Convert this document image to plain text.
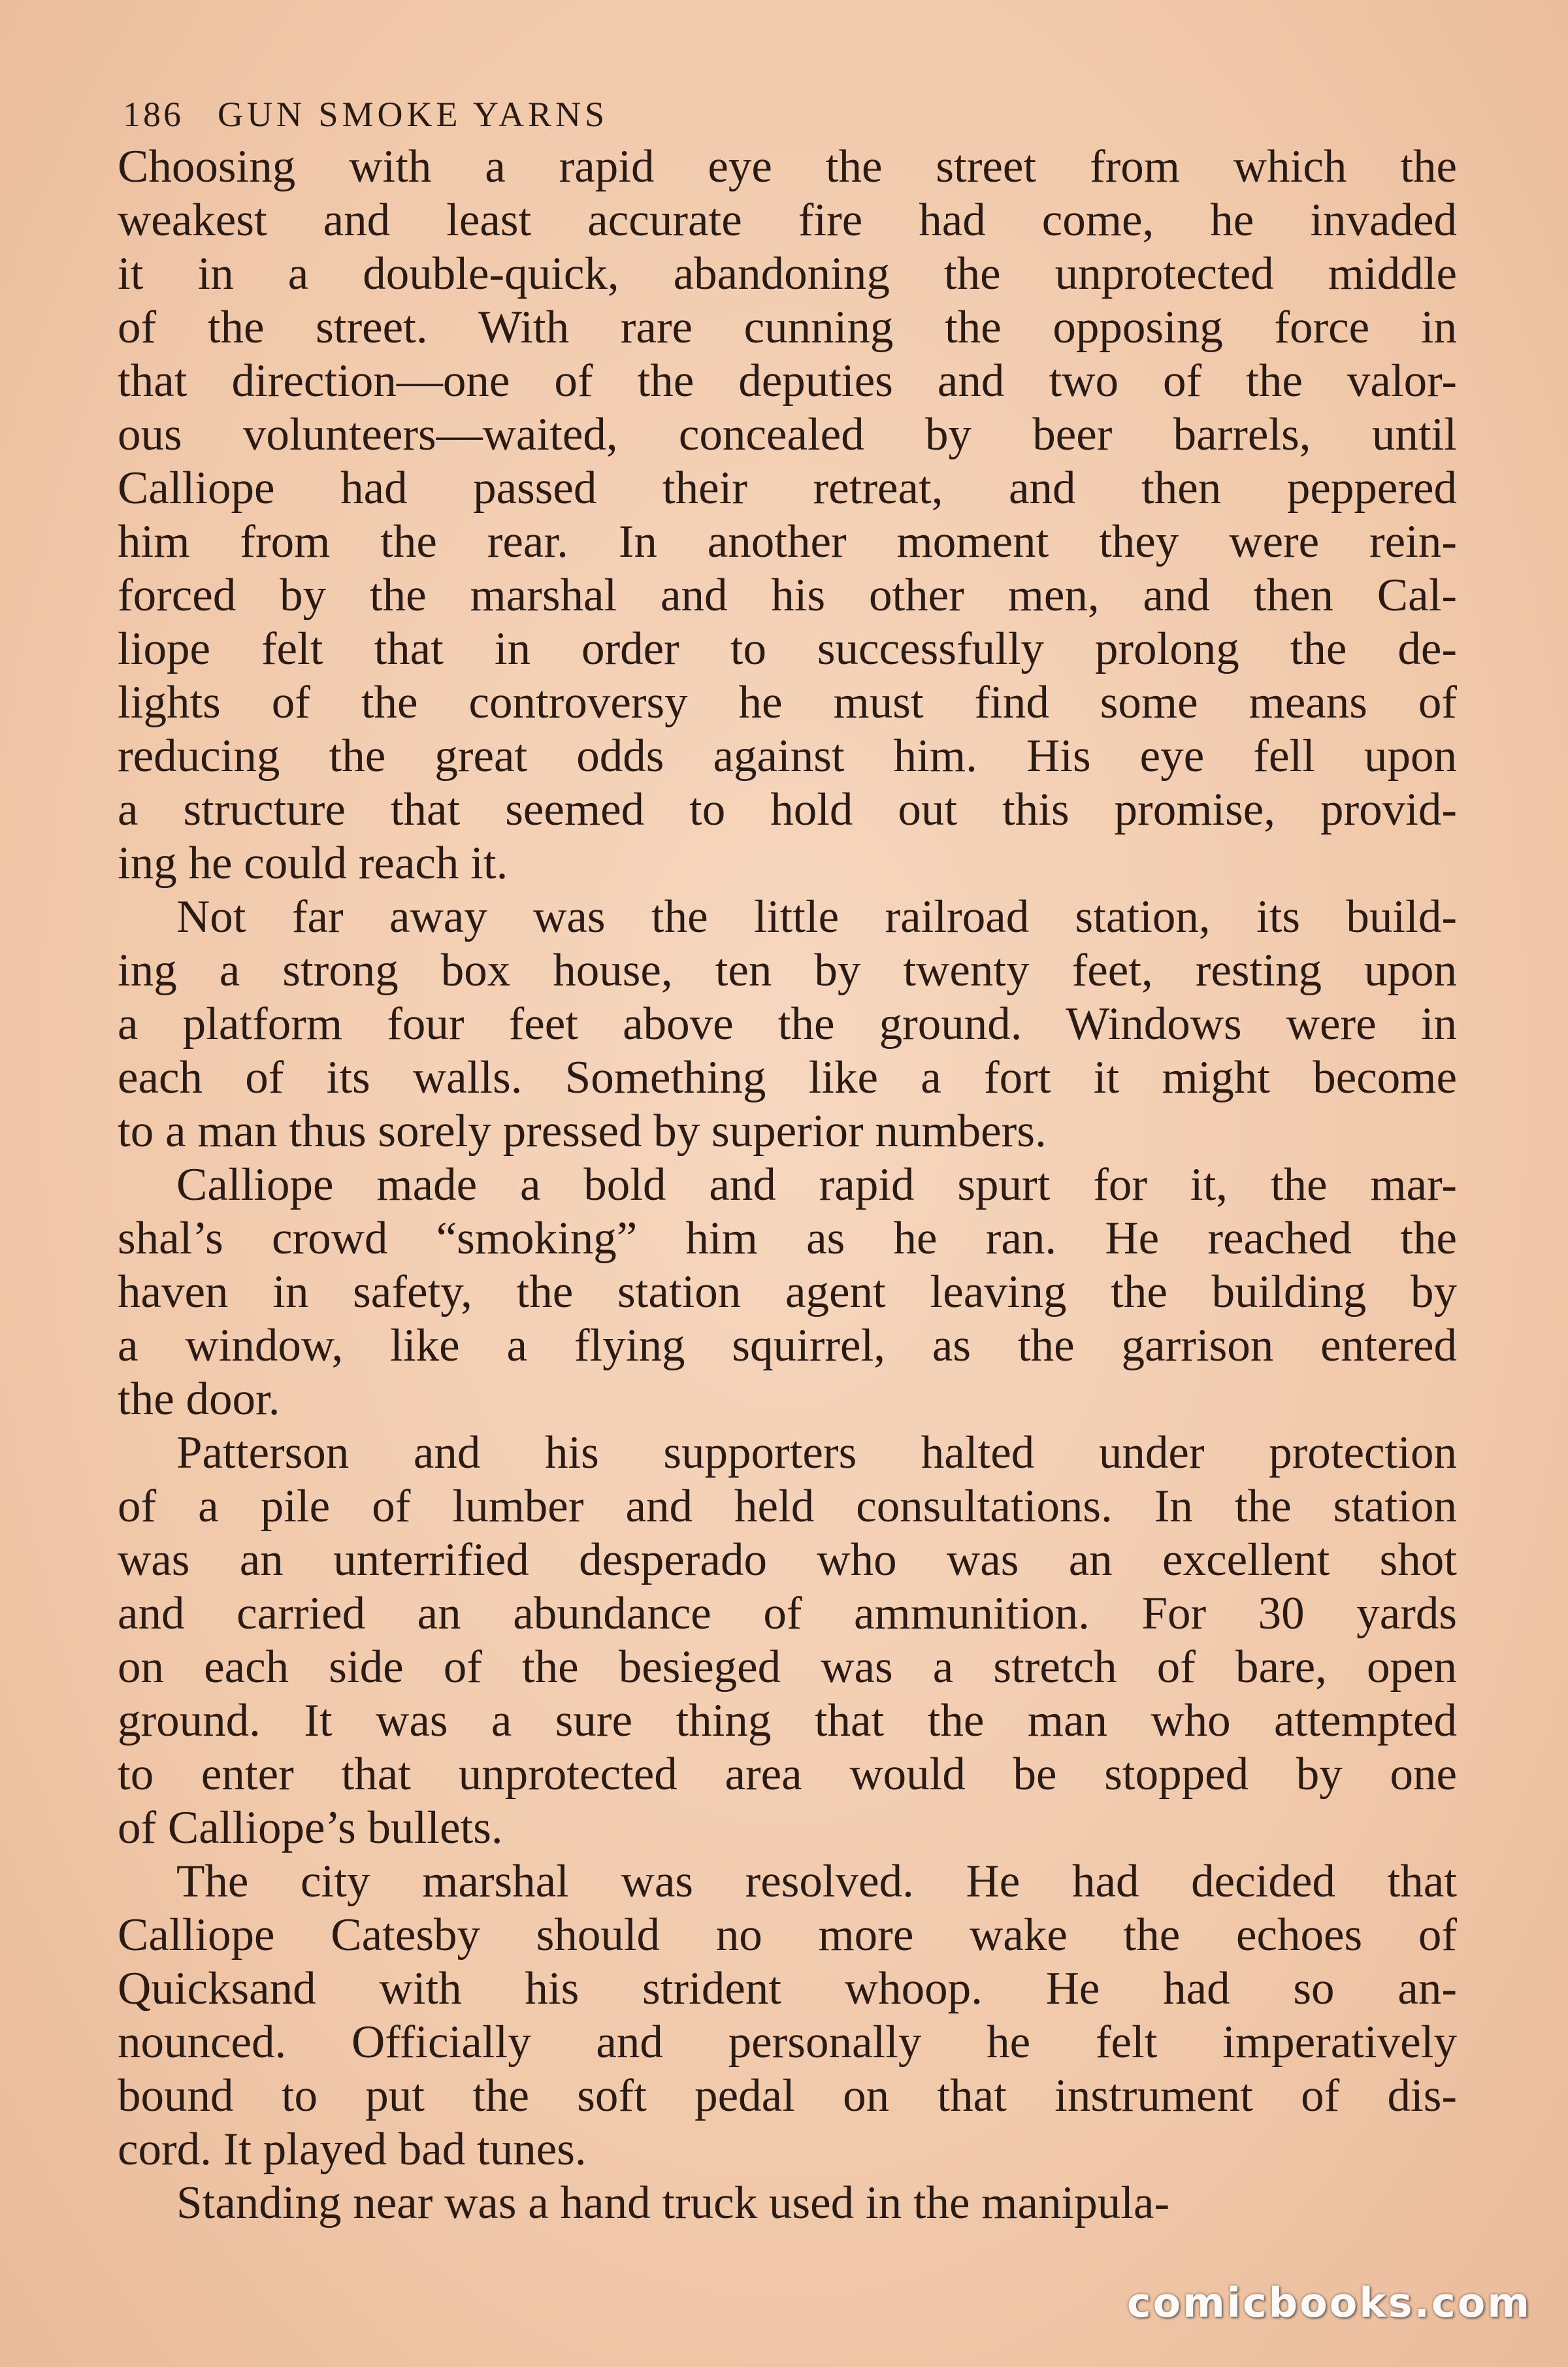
186 GUN SMOKE YARNS
Choosing with a rapid eye the street from which the
weakest and least accurate fire had come, he invaded
it in a double-quick, abandoning the unprotected middle
of the street. With rare cunning the opposing force in
that direction—one of the deputies and two of the valor-
ous volunteers—waited, concealed by beer barrels, until
Calliope had passed their retreat, and then peppered
him from the rear. In another moment they were rein-
forced by the marshal and his other men, and then Cal-
liope felt that in order to successfully prolong the de-
lights of the controversy he must find some means of
reducing the great odds against him. His eye fell upon
a structure that seemed to hold out this promise, provid-
ing he could reach it.
Not far away was the little railroad station, its build-
ing a strong box house, ten by twenty feet, resting upon
a platform four feet above the ground. Windows were in
each of its walls. Something like a fort it might become
to a man thus sorely pressed by superior numbers.
Calliope made a bold and rapid spurt for it, the mar-
shal’s crowd “smoking” him as he ran. He reached the
haven in safety, the station agent leaving the building by
a window, like a flying squirrel, as the garrison entered
the door.
Patterson and his supporters halted under protection
of a pile of lumber and held consultations. In the station
was an unterrified desperado who was an excellent shot
and carried an abundance of ammunition. For 30 yards
on each side of the besieged was a stretch of bare, open
ground. It was a sure thing that the man who attempted
to enter that unprotected area would be stopped by one
of Calliope’s bullets.
The city marshal was resolved. He had decided that
Calliope Catesby should no more wake the echoes of
Quicksand with his strident whoop. He had so an-
nounced. Officially and personally he felt imperatively
bound to put the soft pedal on that instrument of dis-
cord. It played bad tunes.
Standing near was a hand truck used in the manipula-
comicbooks.com
